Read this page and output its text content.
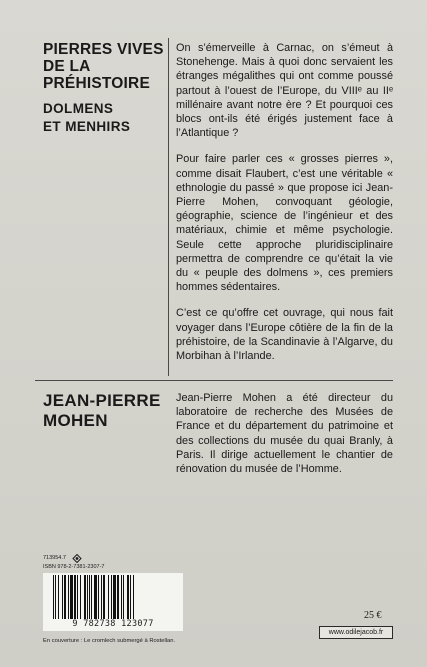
PIERRES VIVES
DE LA
PRÉHISTOIRE
DOLMENS
ET MENHIRS

On s’émerveille à Carnac, on s’émeut à Stonehenge. Mais à quoi donc servaient les étranges mégalithes qui ont comme poussé partout à l’ouest de l’Europe, du VIIIᵉ au IIᵉ millénaire avant notre ère ? Et pourquoi ces blocs ont-ils été érigés justement face à l’Atlantique ?

Pour faire parler ces « grosses pierres », comme disait Flaubert, c’est une véritable « ethnologie du passé » que propose ici Jean-Pierre Mohen, convoquant géologie, géographie, science de l’ingénieur et des matériaux, chimie et même psychologie. Seule cette approche pluridisciplinaire permettra de comprendre ce qu’était la vie du « peuple des dolmens », ces premiers hommes sédentaires.

C’est ce qu’offre cet ouvrage, qui nous fait voyager dans l’Europe côtière de la fin de la préhistoire, de la Scandinavie à l’Algarve, du Morbihan à l’Irlande.

JEAN-PIERRE
MOHEN

Jean-Pierre Mohen a été directeur du laboratoire de recherche des Musées de France et du département du patrimoine et des collections du musée du quai Branly, à Paris. Il dirige actuellement le chantier de rénovation du musée de l’Homme.

713954.7
ISBN 978-2-7381-2307-7
9 782738 123077
En couverture : Le cromlech submergé à Rostellan.
25 €
www.odilejacob.fr
